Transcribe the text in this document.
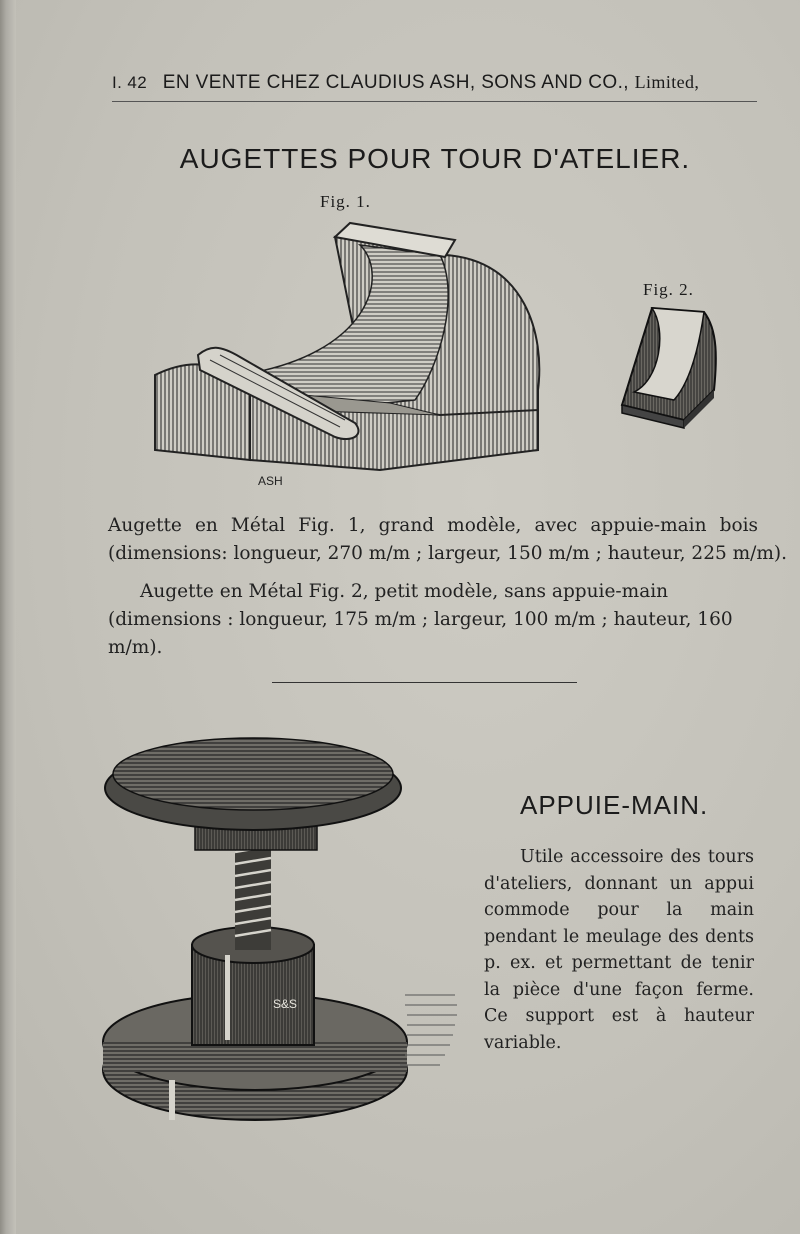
I. 42 EN VENTE CHEZ CLAUDIUS ASH, SONS AND CO., Limited,
AUGETTES POUR TOUR D'ATELIER.
Fig. 1.
Fig. 2.
ASH
Augette en Métal Fig. 1, grand modèle, avec appuie-main bois
(dimensions: longueur, 270 m/m ; largeur, 150 m/m ; hauteur, 225 m/m).
Augette en Métal Fig. 2, petit modèle, sans appuie-main (dimensions : longueur, 175 m/m ; largeur, 100 m/m ; hauteur, 160 m/m).
S&S
APPUIE-MAIN.
Utile accessoire des tours d'ateliers, donnant un appui commode pour la main pendant le meulage des dents p. ex. et permettant de tenir la pièce d'une façon ferme. Ce support est à hauteur variable.
